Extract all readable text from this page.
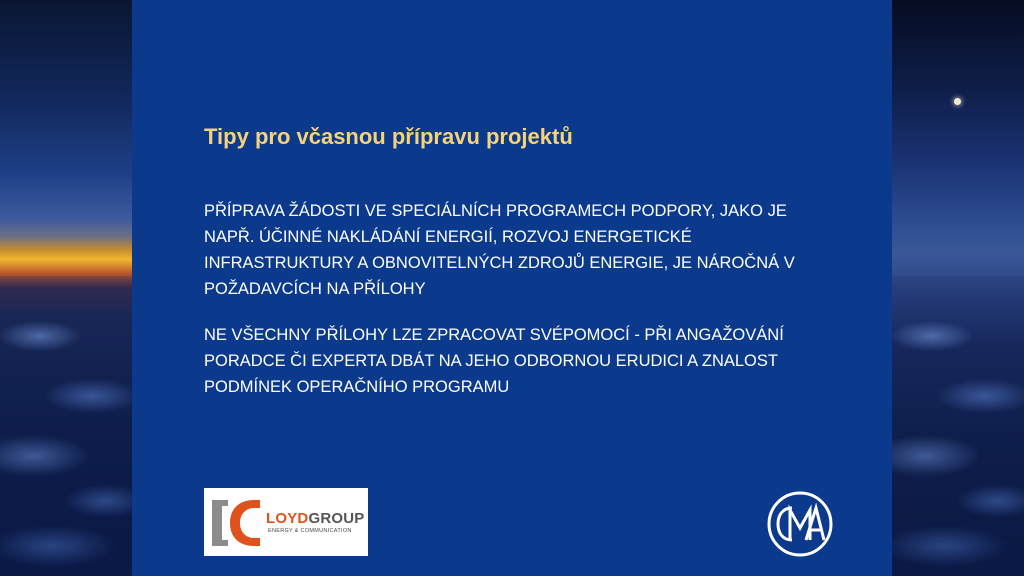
Tipy pro včasnou přípravu projektů
PŘÍPRAVA ŽÁDOSTI VE SPECIÁLNÍCH PROGRAMECH PODPORY, JAKO JE NAPŘ. ÚČINNÉ NAKLÁDÁNÍ ENERGIÍ, ROZVOJ ENERGETICKÉ INFRASTRUKTURY A OBNOVITELNÝCH ZDROJŮ ENERGIE, JE NÁROČNÁ V POŽADAVCÍCH NA PŘÍLOHY
NE VŠECHNY PŘÍLOHY LZE ZPRACOVAT SVÉPOMOCÍ - PŘI ANGAŽOVÁNÍ PORADCE ČI EXPERTA DBÁT NA JEHO ODBORNOU ERUDICI A ZNALOST PODMÍNEK OPERAČNÍHO PROGRAMU
LOYDGROUP
ENERGY & COMMUNICATION
